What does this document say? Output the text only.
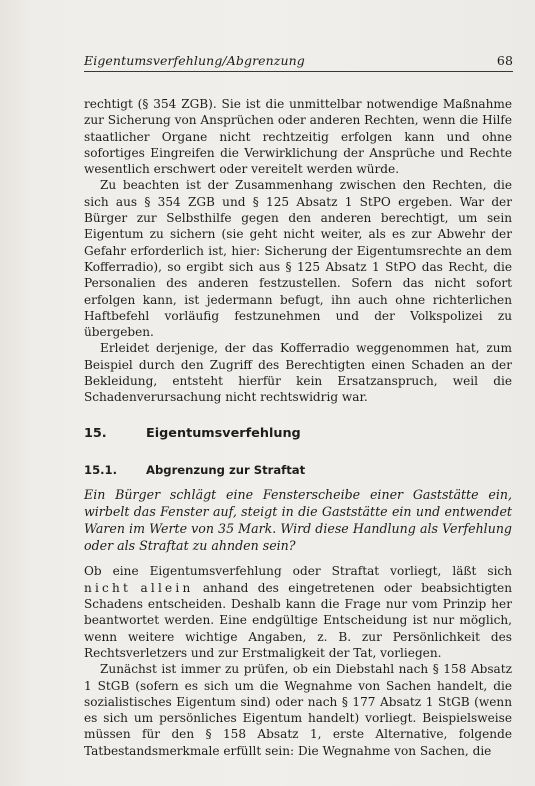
Eigentumsverfehlung/Abgrenzung	68

rechtigt (§ 354 ZGB). Sie ist die unmittelbar notwendige Maßnahme zur Sicherung von Ansprüchen oder anderen Rechten, wenn die Hilfe staatlicher Organe nicht rechtzeitig erfolgen kann und ohne sofortiges Eingreifen die Verwirklichung der Ansprüche und Rechte wesentlich erschwert oder vereitelt werden würde.

Zu beachten ist der Zusammenhang zwischen den Rechten, die sich aus § 354 ZGB und § 125 Absatz 1 StPO ergeben. War der Bürger zur Selbsthilfe gegen den anderen berechtigt, um sein Eigentum zu sichern (sie geht nicht weiter, als es zur Abwehr der Gefahr erforderlich ist, hier: Sicherung der Eigentumsrechte an dem Kofferradio), so ergibt sich aus § 125 Absatz 1 StPO das Recht, die Personalien des anderen festzustellen. Sofern das nicht sofort erfolgen kann, ist jedermann befugt, ihn auch ohne richterlichen Haftbefehl vorläufig festzunehmen und der Volkspolizei zu übergeben.

Erleidet derjenige, der das Kofferradio weggenommen hat, zum Beispiel durch den Zugriff des Berechtigten einen Schaden an der Bekleidung, entsteht hierfür kein Ersatzanspruch, weil die Schadenverursachung nicht rechtswidrig war.

15.	Eigentumsverfehlung
15.1.	Abgrenzung zur Straftat

Ein Bürger schlägt eine Fensterscheibe einer Gaststätte ein, wirbelt das Fenster auf, steigt in die Gaststätte ein und entwendet Waren im Werte von 35 Mark. Wird diese Handlung als Verfehlung oder als Straftat zu ahnden sein?

Ob eine Eigentumsverfehlung oder Straftat vorliegt, läßt sich nicht allein anhand des eingetretenen oder beabsichtigten Schadens entscheiden. Deshalb kann die Frage nur vom Prinzip her beantwortet werden. Eine endgültige Entscheidung ist nur möglich, wenn weitere wichtige Angaben, z. B. zur Persönlichkeit des Rechtsverletzers und zur Erstmaligkeit der Tat, vorliegen.

Zunächst ist immer zu prüfen, ob ein Diebstahl nach § 158 Absatz 1 StGB (sofern es sich um die Wegnahme von Sachen handelt, die sozialistisches Eigentum sind) oder nach § 177 Absatz 1 StGB (wenn es sich um persönliches Eigentum handelt) vorliegt. Beispielsweise müssen für den § 158 Absatz 1, erste Alternative, folgende Tatbestandsmerkmale erfüllt sein: Die Wegnahme von Sachen, die
